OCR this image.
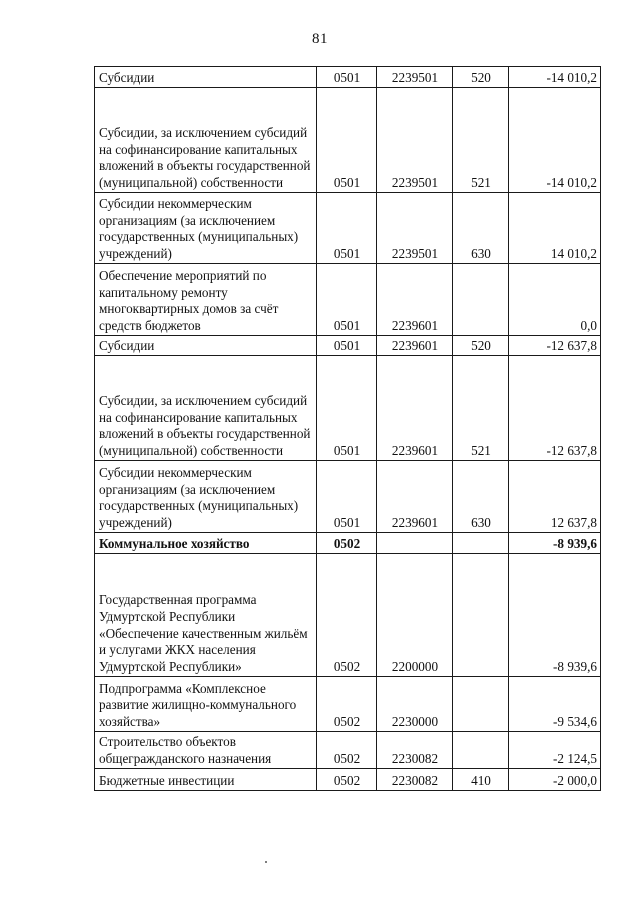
81
Субсидии	0501	2239501	520	-14 010,2
Субсидии, за исключением субсидий на софинансирование капитальных вложений в объекты государственной (муниципальной) собственности	0501	2239501	521	-14 010,2
Субсидии некоммерческим организациям (за исключением государственных (муниципальных) учреждений)	0501	2239501	630	14 010,2
Обеспечение мероприятий по капитальному ремонту многоквартирных домов за счёт средств бюджетов	0501	2239601		0,0
Субсидии	0501	2239601	520	-12 637,8
Субсидии, за исключением субсидий на софинансирование капитальных вложений в объекты государственной (муниципальной) собственности	0501	2239601	521	-12 637,8
Субсидии некоммерческим организациям (за исключением государственных (муниципальных) учреждений)	0501	2239601	630	12 637,8
Коммунальное хозяйство	0502			-8 939,6
Государственная программа Удмуртской Республики «Обеспечение качественным жильём и услугами ЖКХ населения Удмуртской Республики»	0502	2200000		-8 939,6
Подпрограмма «Комплексное развитие жилищно-коммунального хозяйства»	0502	2230000		-9 534,6
Строительство объектов общегражданского назначения	0502	2230082		-2 124,5
Бюджетные инвестиции	0502	2230082	410	-2 000,0
